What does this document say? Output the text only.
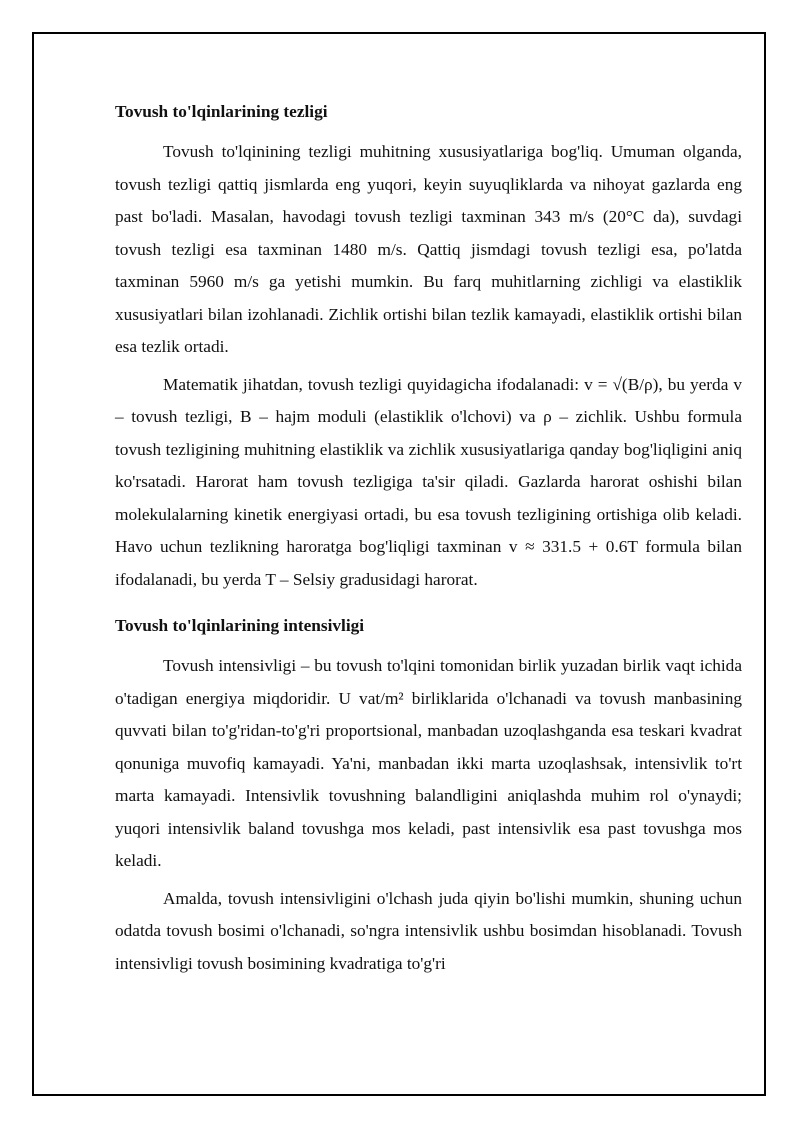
Tovush to'lqinlarining tezligi

Tovush to'lqinining tezligi muhitning xususiyatlariga bog'liq. Umuman olganda, tovush tezligi qattiq jismlarda eng yuqori, keyin suyuqliklarda va nihoyat gazlarda eng past bo'ladi. Masalan, havodagi tovush tezligi taxminan 343 m/s (20°C da), suvdagi tovush tezligi esa taxminan 1480 m/s. Qattiq jismdagi tovush tezligi esa, po'latda taxminan 5960 m/s ga yetishi mumkin. Bu farq muhitlarning zichligi va elastiklik xususiyatlari bilan izohlanadi. Zichlik ortishi bilan tezlik kamayadi, elastiklik ortishi bilan esa tezlik ortadi.

Matematik jihatdan, tovush tezligi quyidagicha ifodalanadi: v = √(B/ρ), bu yerda v – tovush tezligi, B – hajm moduli (elastiklik o'lchovi) va ρ – zichlik. Ushbu formula tovush tezligining muhitning elastiklik va zichlik xususiyatlariga qanday bog'liqligini aniq ko'rsatadi. Harorat ham tovush tezligiga ta'sir qiladi. Gazlarda harorat oshishi bilan molekulalarning kinetik energiyasi ortadi, bu esa tovush tezligining ortishiga olib keladi. Havo uchun tezlikning haroratga bog'liqligi taxminan v ≈ 331.5 + 0.6T formula bilan ifodalanadi, bu yerda T – Selsiy gradusidagi harorat.

Tovush to'lqinlarining intensivligi

Tovush intensivligi – bu tovush to'lqini tomonidan birlik yuzadan birlik vaqt ichida o'tadigan energiya miqdoridir. U vat/m² birliklarida o'lchanadi va tovush manbasining quvvati bilan to'g'ridan-to'g'ri proportsional, manbadan uzoqlashganda esa teskari kvadrat qonuniga muvofiq kamayadi. Ya'ni, manbadan ikki marta uzoqlashsak, intensivlik to'rt marta kamayadi. Intensivlik tovushning balandligini aniqlashda muhim rol o'ynaydi; yuqori intensivlik baland tovushga mos keladi, past intensivlik esa past tovushga mos keladi.

Amalda, tovush intensivligini o'lchash juda qiyin bo'lishi mumkin, shuning uchun odatda tovush bosimi o'lchanadi, so'ngra intensivlik ushbu bosimdan hisoblanadi. Tovush intensivligi tovush bosimining kvadratiga to'g'ri
